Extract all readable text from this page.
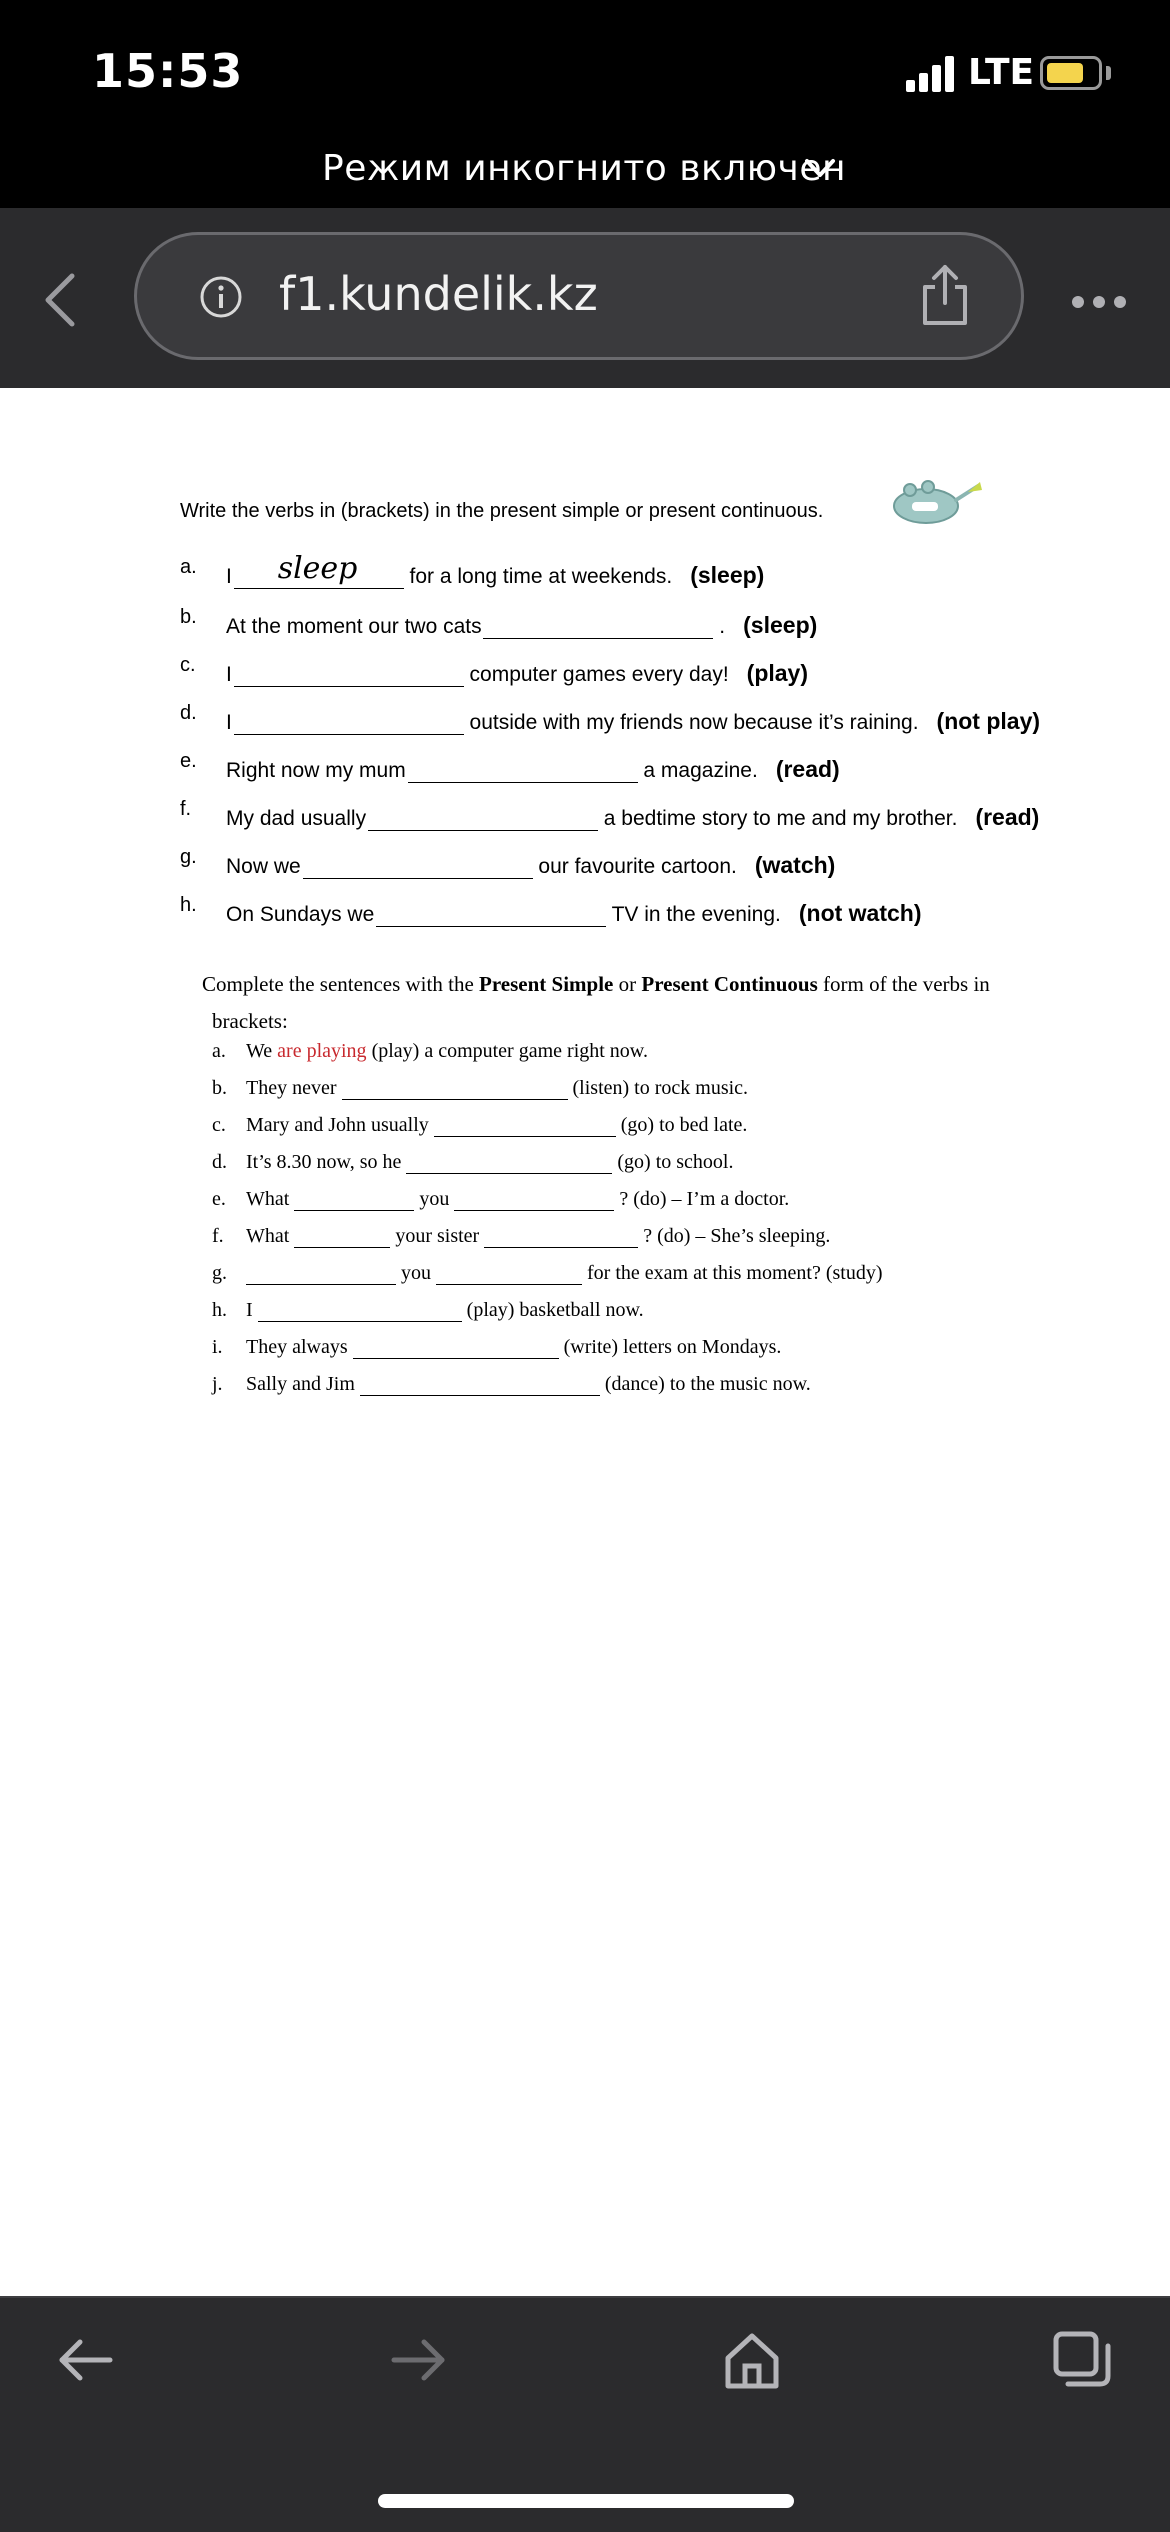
15:53	LTE
Режим инкогнито включен
f1.kundelik.kz
Write the verbs in (brackets) in the present simple or present continuous.
a. I sleep for a long time at weekends. (sleep)
b. At the moment our two cats	. (sleep)
c. I	computer games every day! (play)
d. I	outside with my friends now because it’s raining. (not play)
e. Right now my mum	a magazine. (read)
f. My dad usually	a bedtime story to me and my brother. (read)
g. Now we	our favourite cartoon. (watch)
h. On Sundays we	TV in the evening. (not watch)
Complete the sentences with the Present Simple or Present Continuous form of the verbs in
brackets:
a. We are playing (play) a computer game right now.
b. They never	(listen) to rock music.
c. Mary and John usually	(go) to bed late.
d. It’s 8.30 now, so he	(go) to school.
e. What	you	? (do) – I’m a doctor.
f. What	your sister	? (do) – She’s sleeping.
g.	you	for the exam at this moment? (study)
h. I	(play) basketball now.
i. They always	(write) letters on Mondays.
j. Sally and Jim	(dance) to the music now.
